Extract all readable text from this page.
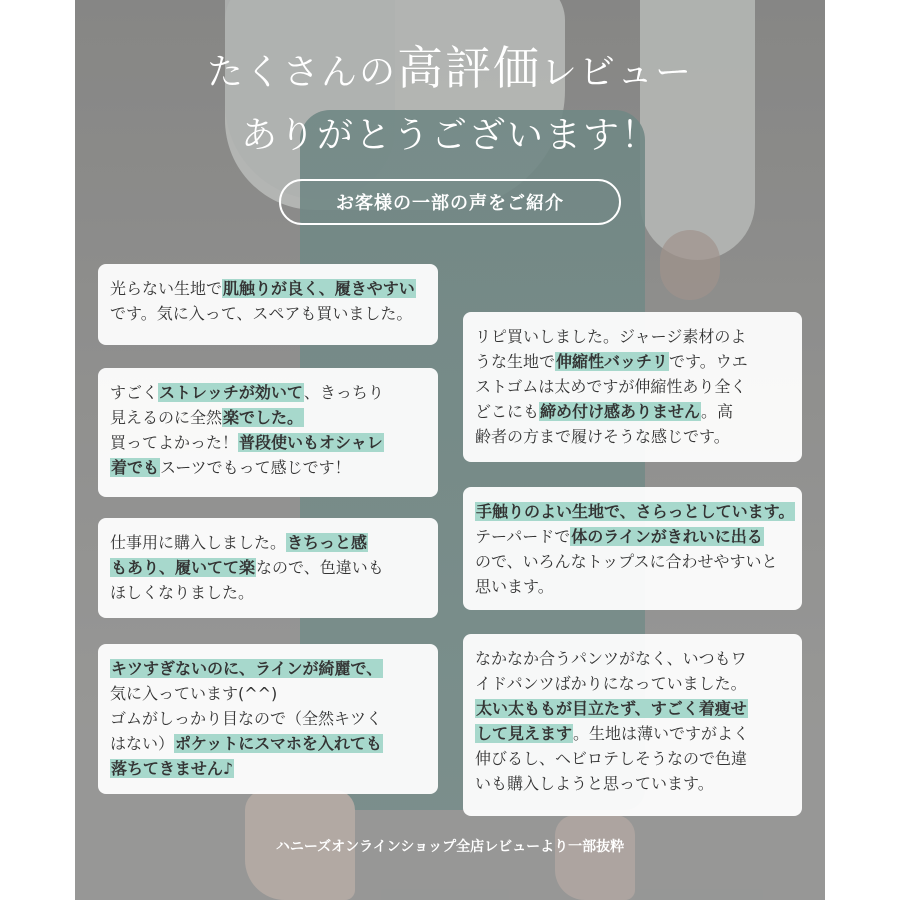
たくさんの高評価レビュー
ありがとうございます！
お客様の一部の声をご紹介

光らない生地で肌触りが良く、履きやすい

です。気に入って、スペアも買いました。

すごくストレッチが効いて、きっちり

見えるのに全然楽でした。

買ってよかった！普段使いもオシャレ

着でもスーツでもって感じです！

仕事用に購入しました。きちっと感

もあり、履いてて楽なので、色違いも

ほしくなりました。

キツすぎないのに、ラインが綺麗で、

気に入っています(^^)

ゴムがしっかり目なので（全然キツく

はない）ポケットにスマホを入れても

落ちてきません♪

リピ買いしました。ジャージ素材のよ

うな生地で伸縮性バッチリです。ウエ

ストゴムは太めですが伸縮性あり全く

どこにも締め付け感ありません。高

齢者の方まで履けそうな感じです。

手触りのよい生地で、さらっとしています。

テーパードで体のラインがきれいに出る

ので、いろんなトップスに合わせやすいと

思います。

なかなか合うパンツがなく、いつもワ

イドパンツばかりになっていました。

太い太ももが目立たず、すごく着痩せ

して見えます。生地は薄いですがよく

伸びるし、ヘビロテしそうなので色違

いも購入しようと思っています。

ハニーズオンラインショップ全店レビューより一部抜粋
